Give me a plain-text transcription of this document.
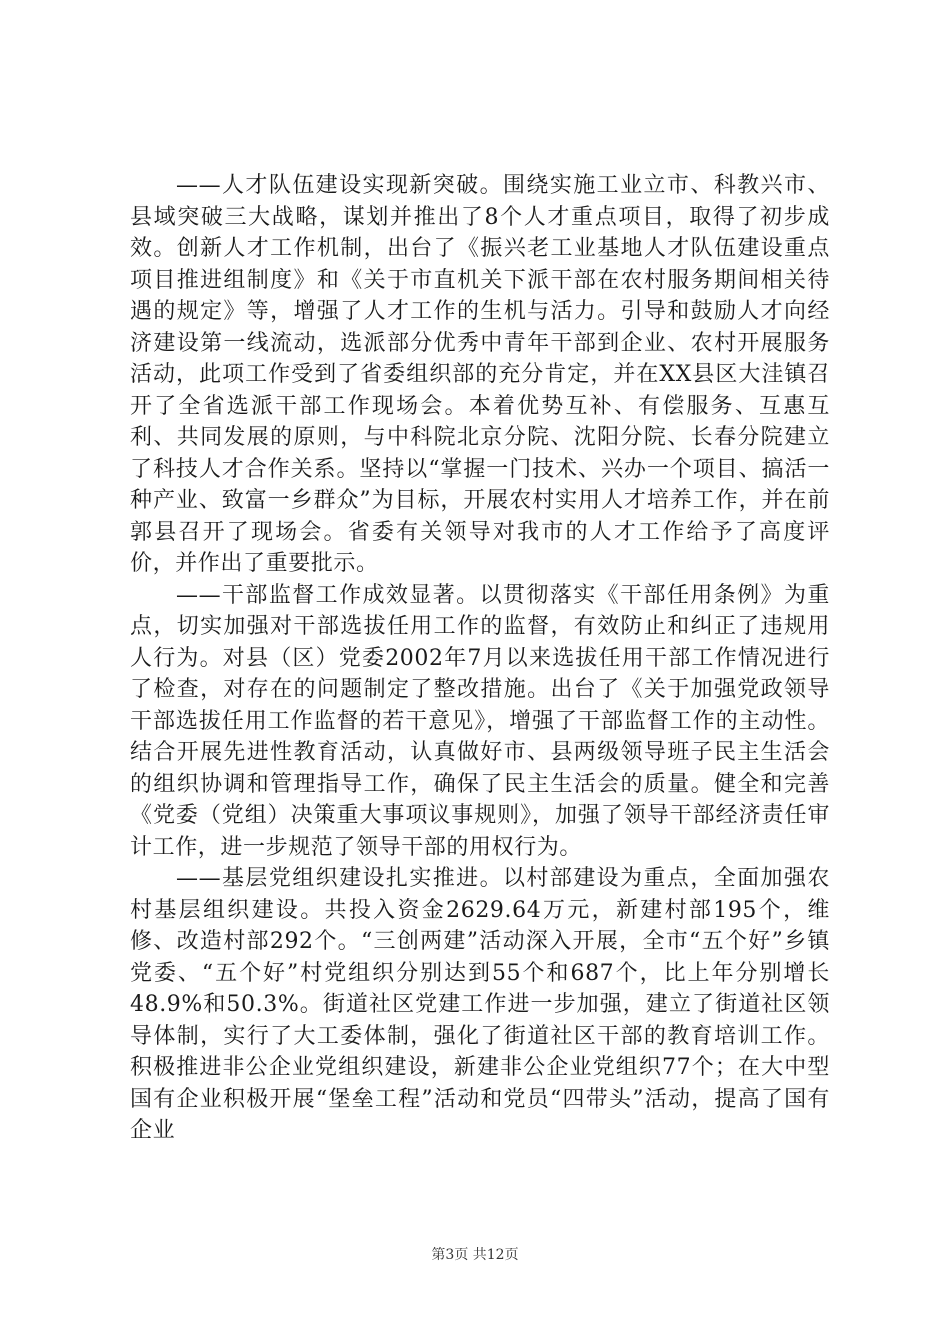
——人才队伍建设实现新突破。围绕实施工业立市、科教兴市、县域突破三大战略，谋划并推出了8个人才重点项目，取得了初步成效。创新人才工作机制，出台了《振兴老工业基地人才队伍建设重点项目推进组制度》和《关于市直机关下派干部在农村服务期间相关待遇的规定》等，增强了人才工作的生机与活力。引导和鼓励人才向经济建设第一线流动，选派部分优秀中青年干部到企业、农村开展服务活动，此项工作受到了省委组织部的充分肯定，并在XX县区大洼镇召开了全省选派干部工作现场会。本着优势互补、有偿服务、互惠互利、共同发展的原则，与中科院北京分院、沈阳分院、长春分院建立了科技人才合作关系。坚持以“掌握一门技术、兴办一个项目、搞活一种产业、致富一乡群众”为目标，开展农村实用人才培养工作，并在前郭县召开了现场会。省委有关领导对我市的人才工作给予了高度评价，并作出了重要批示。

——干部监督工作成效显著。以贯彻落实《干部任用条例》为重点，切实加强对干部选拔任用工作的监督，有效防止和纠正了违规用人行为。对县（区）党委2002年7月以来选拔任用干部工作情况进行了检查，对存在的问题制定了整改措施。出台了《关于加强党政领导干部选拔任用工作监督的若干意见》，增强了干部监督工作的主动性。结合开展先进性教育活动，认真做好市、县两级领导班子民主生活会的组织协调和管理指导工作，确保了民主生活会的质量。健全和完善《党委（党组）决策重大事项议事规则》，加强了领导干部经济责任审计工作，进一步规范了领导干部的用权行为。

——基层党组织建设扎实推进。以村部建设为重点，全面加强农村基层组织建设。共投入资金2629.64万元，新建村部195个，维修、改造村部292个。“三创两建”活动深入开展，全市“五个好”乡镇党委、“五个好”村党组织分别达到55个和687个，比上年分别增长48.9%和50.3%。街道社区党建工作进一步加强，建立了街道社区领导体制，实行了大工委体制，强化了街道社区干部的教育培训工作。积极推进非公企业党组织建设，新建非公企业党组织77个；在大中型国有企业积极开展“堡垒工程”活动和党员“四带头”活动，提高了国有企业

第3页 共12页
